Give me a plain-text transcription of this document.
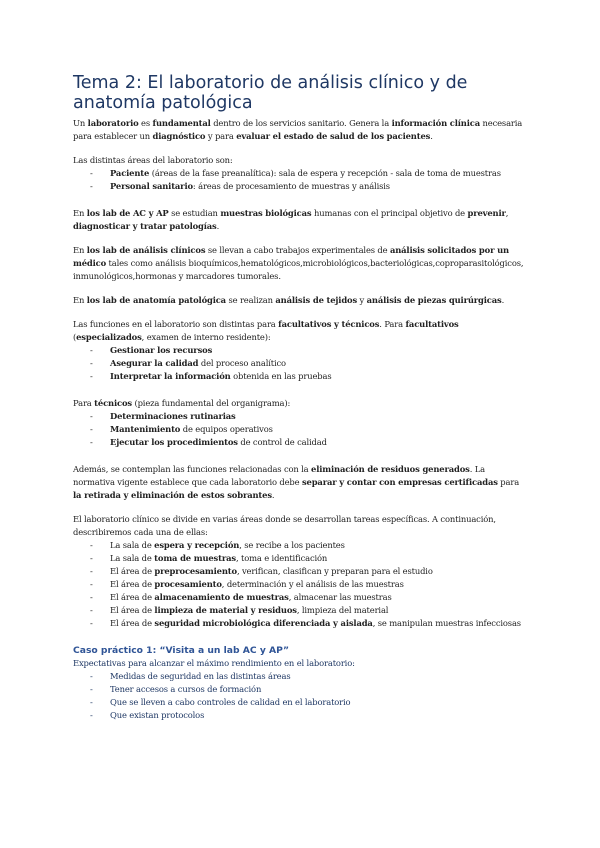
Tema 2: El laboratorio de análisis clínico y de anatomía patológica

Un laboratorio es fundamental dentro de los servicios sanitario. Genera la información clínica necesaria para establecer un diagnóstico y para evaluar el estado de salud de los pacientes.

Las distintas áreas del laboratorio son:

- Paciente (áreas de la fase preanalítica): sala de espera y recepción - sala de toma de muestras
- Personal sanitario: áreas de procesamiento de muestras y análisis

En los lab de AC y AP se estudian muestras biológicas humanas con el principal objetivo de prevenir, diagnosticar y tratar patologías.

En los lab de análisis clínicos se llevan a cabo trabajos experimentales de análisis solicitados por un médico tales como análisis bioquímicos,hematológicos,microbiológicos,bacteriológicas,coproparasitológicos, inmunológicos,hormonas y marcadores tumorales.

En los lab de anatomía patológica se realizan análisis de tejidos y análisis de piezas quirúrgicas.

Las funciones en el laboratorio son distintas para facultativos y técnicos. Para facultativos (especializados, examen de interno residente):

- Gestionar los recursos
- Asegurar la calidad del proceso analítico
- Interpretar la información obtenida en las pruebas

Para técnicos (pieza fundamental del organigrama):

- Determinaciones rutinarias
- Mantenimiento de equipos operativos
- Ejecutar los procedimientos de control de calidad

Además, se contemplan las funciones relacionadas con la eliminación de residuos generados. La normativa vigente establece que cada laboratorio debe separar y contar con empresas certificadas para la retirada y eliminación de estos sobrantes.

El laboratorio clínico se divide en varias áreas donde se desarrollan tareas específicas. A continuación, describiremos cada una de ellas:

- La sala de espera y recepción, se recibe a los pacientes
- La sala de toma de muestras, toma e identificación
- El área de preprocesamiento, verifican, clasifican y preparan para el estudio
- El área de procesamiento, determinación y el análisis de las muestras
- El área de almacenamiento de muestras, almacenar las muestras
- El área de limpieza de material y residuos, limpieza del material
- El área de seguridad microbiológica diferenciada y aislada, se manipulan muestras infecciosas
Caso práctico 1: “Visita a un lab AC y AP”

Expectativas para alcanzar el máximo rendimiento en el laboratorio:

- Medidas de seguridad en las distintas áreas
- Tener accesos a cursos de formación
- Que se lleven a cabo controles de calidad en el laboratorio
- Que existan protocolos
